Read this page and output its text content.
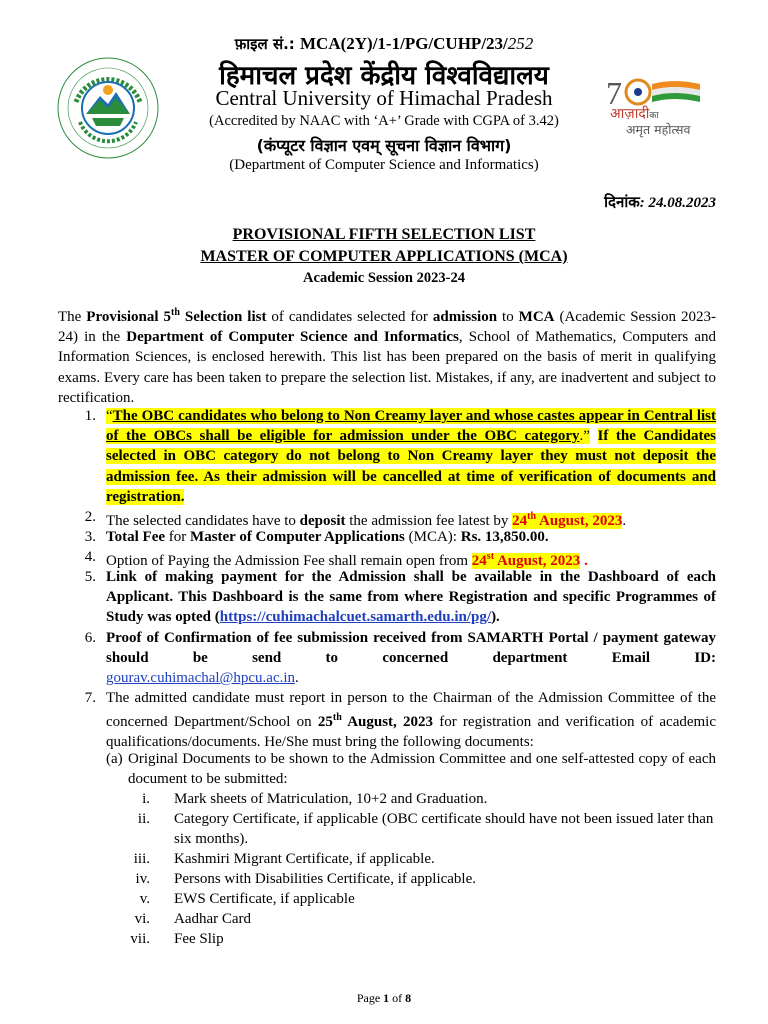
फ़ाइल सं.: MCA(2Y)/1-1/PG/CUHP/23/252
हिमाचल प्रदेश केंद्रीय विश्वविद्यालय
Central University of Himachal Pradesh
(Accredited by NAAC with ‘A+’ Grade with CGPA of 3.42)
(कंप्यूटर विज्ञान एवम् सूचना विज्ञान विभाग)
(Department of Computer Science and Informatics)
7
आज़ादीका
अमृत महोत्सव
दिनांक: 24.08.2023
PROVISIONAL FIFTH SELECTION LIST
MASTER OF COMPUTER APPLICATIONS (MCA)
Academic Session 2023-24
The Provisional 5th Selection list of candidates selected for admission to MCA (Academic Session 2023-24) in the Department of Computer Science and Informatics, School of Mathematics, Computers and Information Sciences, is enclosed herewith. This list has been prepared on the basis of merit in qualifying exams. Every care has been taken to prepare the selection list. Mistakes, if any, are inadvertent and subject to rectification.
1. “The OBC candidates who belong to Non Creamy layer and whose castes appear in Central list of the OBCs shall be eligible for admission under the OBC category.” If the Candidates selected in OBC category do not belong to Non Creamy layer they must not deposit the admission fee. As their admission will be cancelled at time of verification of documents and registration.
2. The selected candidates have to deposit the admission fee latest by 24th August, 2023.
3. Total Fee for Master of Computer Applications (MCA): Rs. 13,850.00.
4. Option of Paying the Admission Fee shall remain open from 24st August, 2023 .
5. Link of making payment for the Admission shall be available in the Dashboard of each Applicant. This Dashboard is the same from where Registration and specific Programmes of Study was opted (https://cuhimachalcuet.samarth.edu.in/pg/).
6. Proof of Confirmation of fee submission received from SAMARTH Portal / payment gateway should be send to concerned department Email ID:
gourav.cuhimachal@hpcu.ac.in.
7. The admitted candidate must report in person to the Chairman of the Admission Committee of the concerned Department/School on 25th August, 2023 for registration and verification of academic qualifications/documents. He/She must bring the following documents:
(a) Original Documents to be shown to the Admission Committee and one self-attested copy of each document to be submitted:
i. Mark sheets of Matriculation, 10+2 and Graduation.
ii. Category Certificate, if applicable (OBC certificate should have not been issued later than six months).
iii. Kashmiri Migrant Certificate, if applicable.
iv. Persons with Disabilities Certificate, if applicable.
v. EWS Certificate, if applicable
vi. Aadhar Card
vii. Fee Slip
Page 1 of 8
